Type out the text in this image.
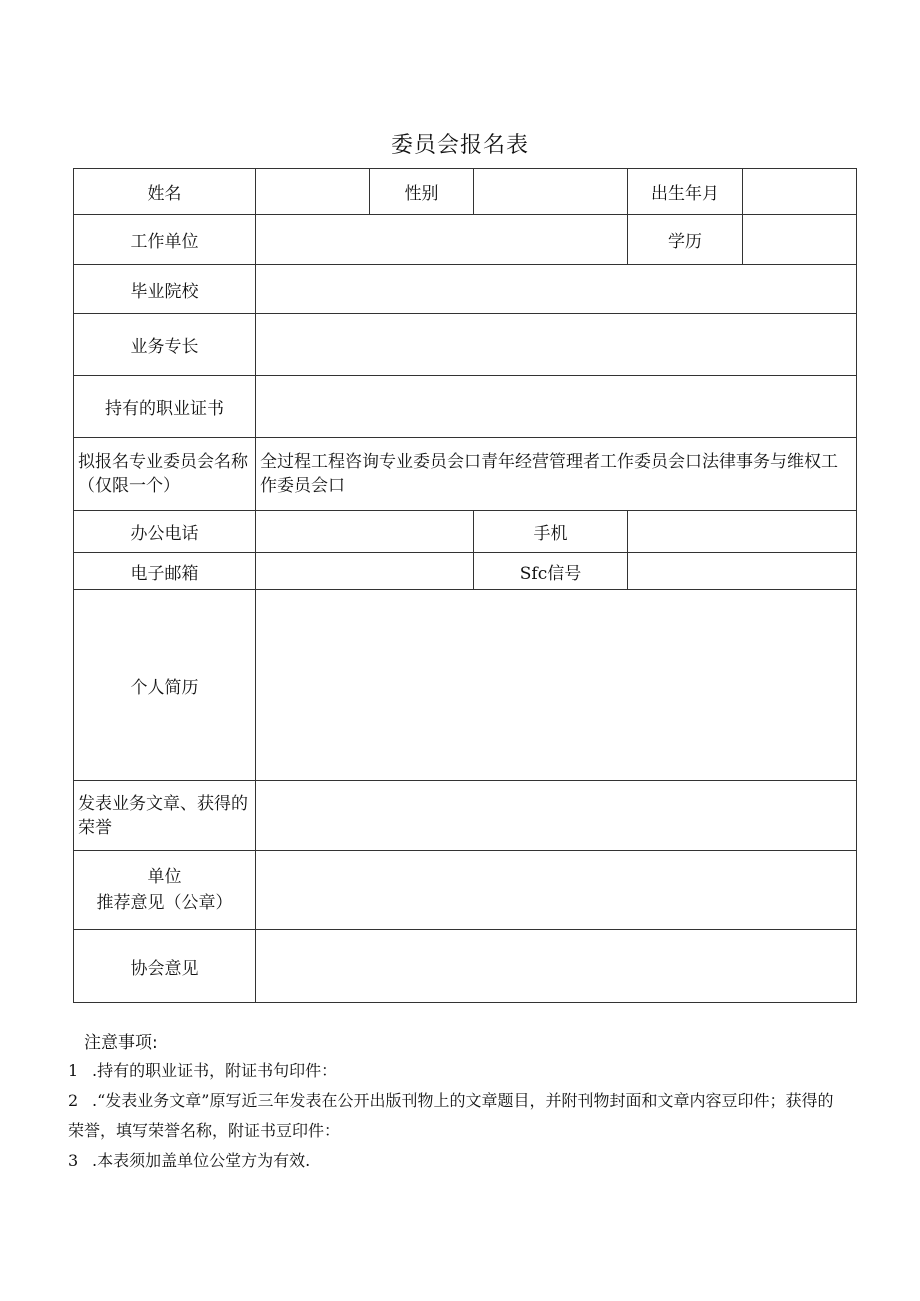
委员会报名表
姓名		性别		出生年月	
工作单位				学历	
毕业院校					
业务专长					
持有的职业证书					
拟报名专业委员会名称（仅限一个）	全过程工程咨询专业委员会口青年经营管理者工作委员会口法律事务与维权工作委员会口				
办公电话			手机		
电子邮箱			Sfc信号		
个人简历					
发表业务文章、获得的荣誉					

单位
推荐意见（公章）					

协会意见					
注意事项:
1 .持有的职业证书，附证书句印件：
2 .“发表业务文章”原写近三年发表在公开出版刊物上的文章题目，并附刊物封面和文章内容豆印件；获得的荣誉，填写荣誉名称，附证书豆印件：
3 .本表须加盖单位公堂方为有效.
